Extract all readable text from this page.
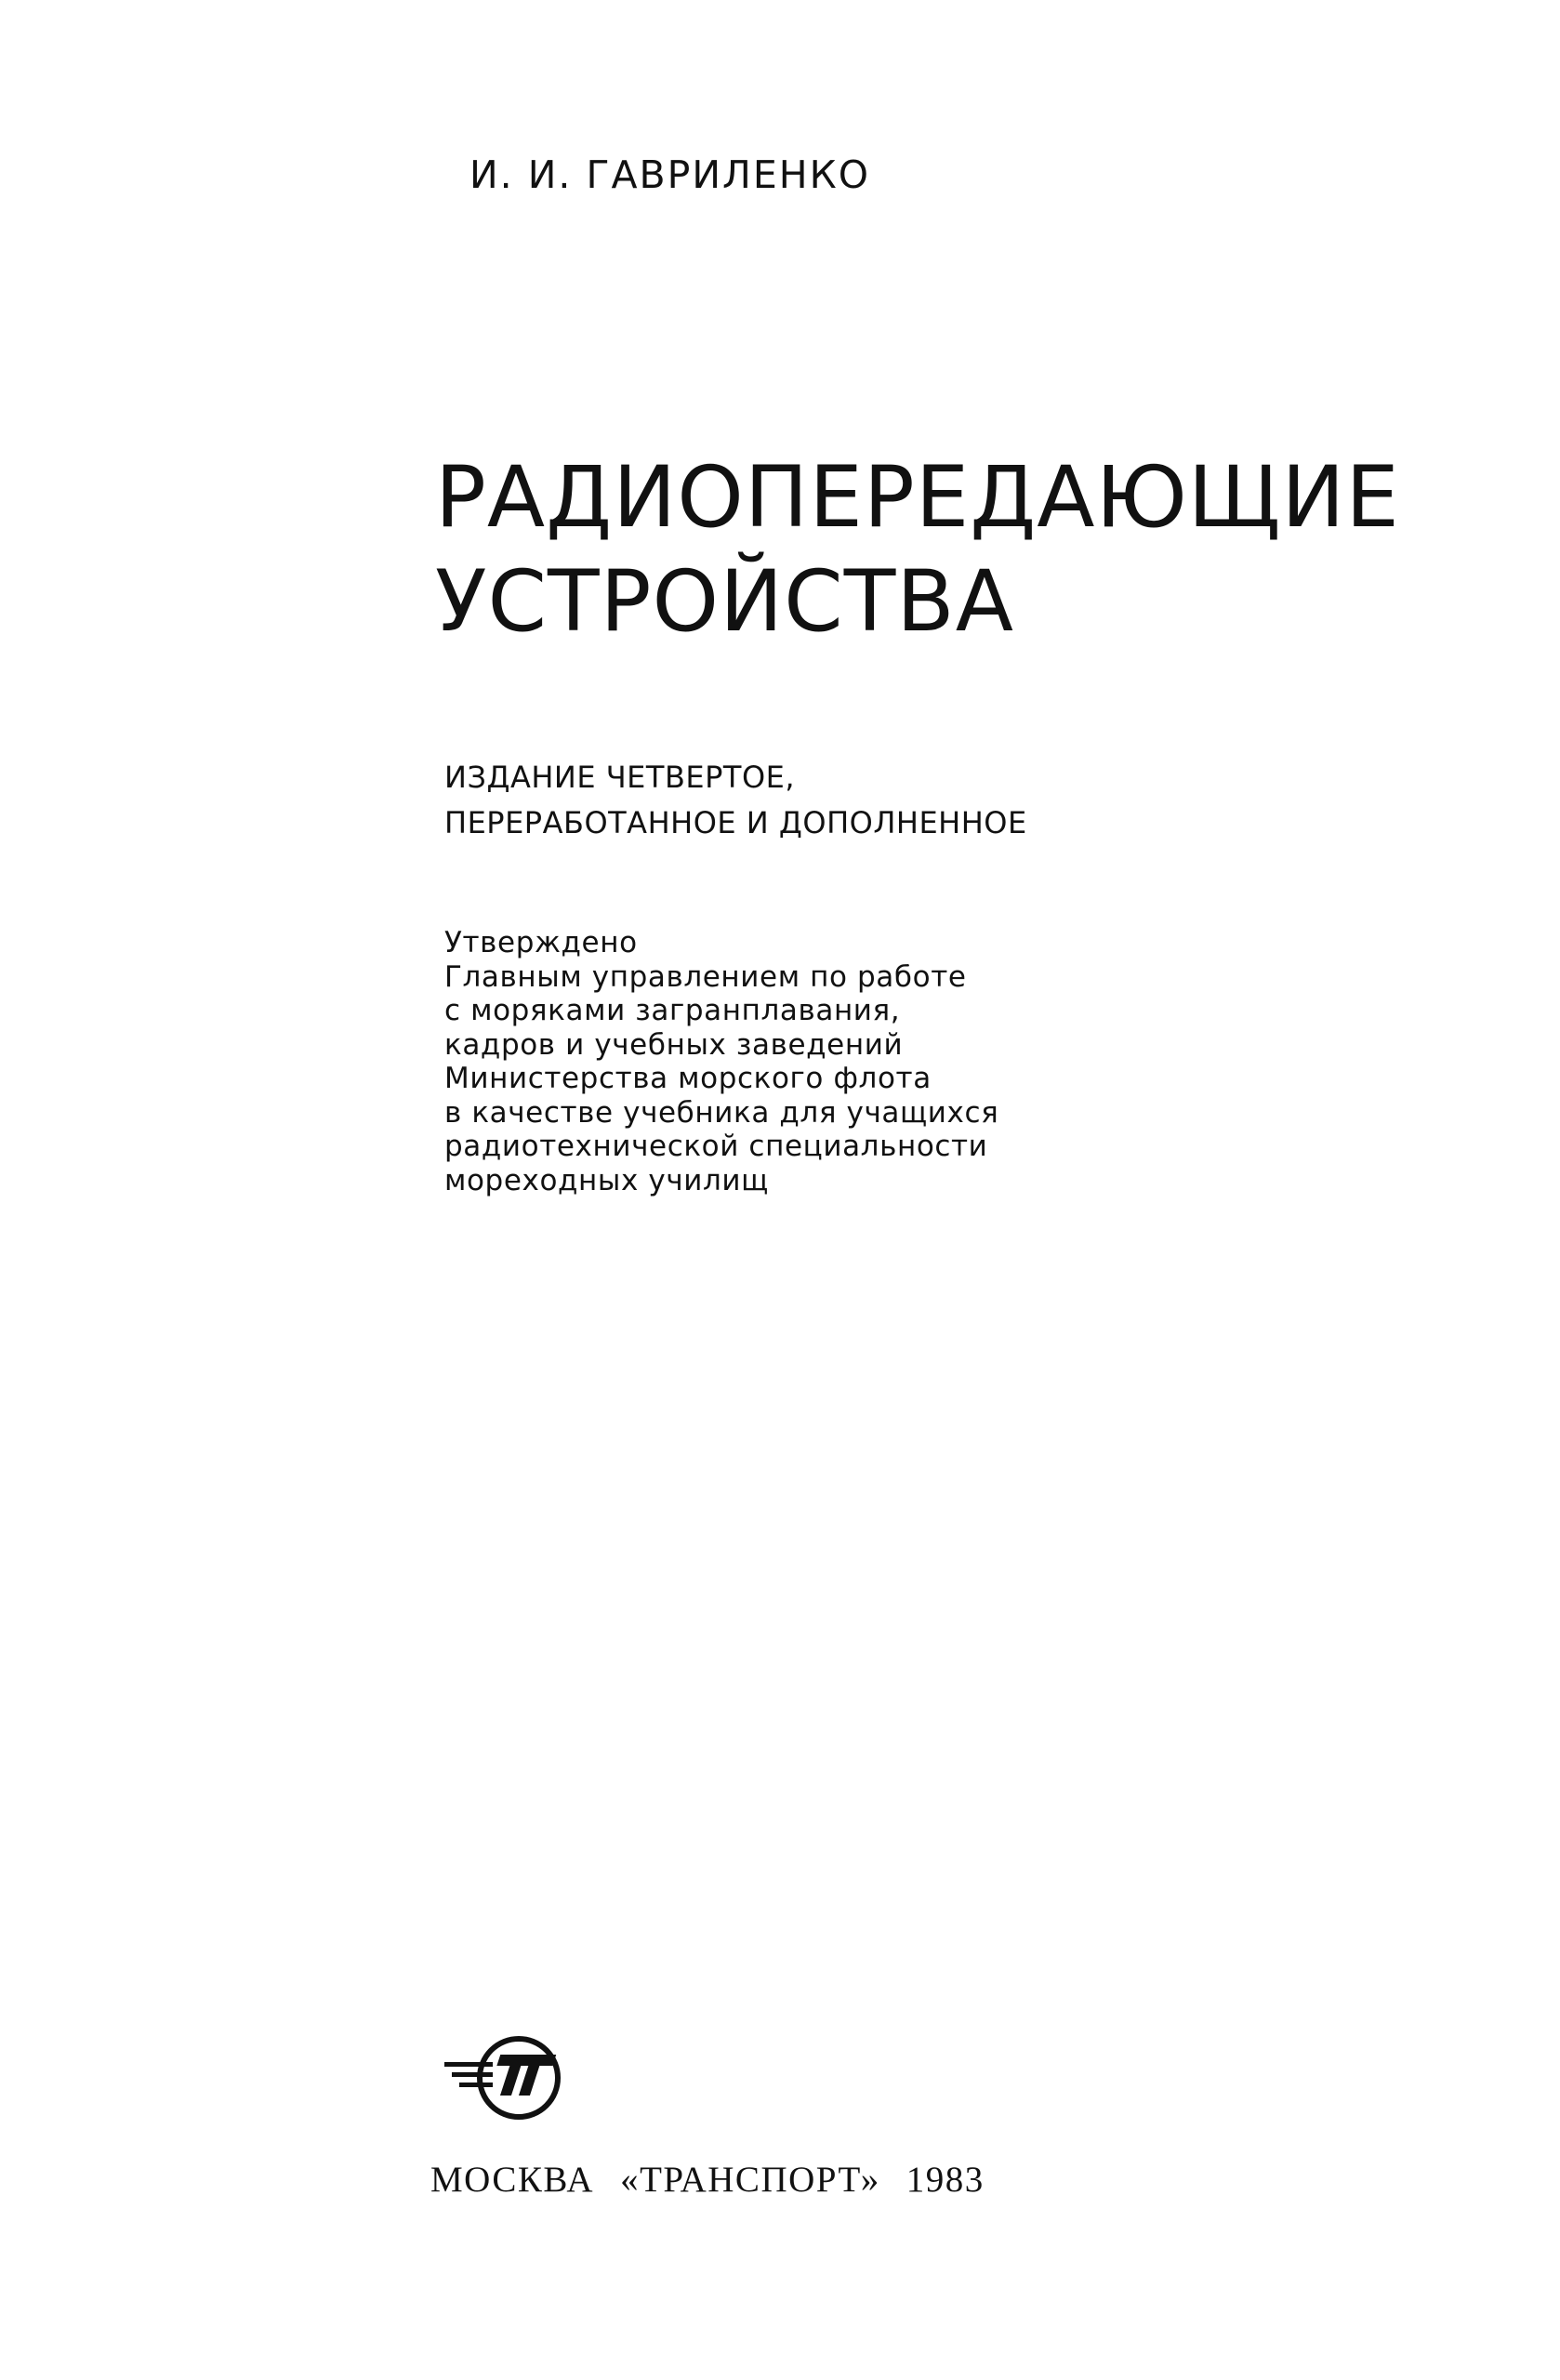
И. И. ГАВРИЛЕНКО
РАДИОПЕРЕДАЮЩИЕ
УСТРОЙСТВА
ИЗДАНИЕ ЧЕТВЕРТОЕ,
ПЕРЕРАБОТАННОЕ И ДОПОЛНЕННОЕ
Утверждено
Главным управлением по работе
с моряками загранплавания,
кадров и учебных заведений
Министерства морского флота
в качестве учебника для учащихся
радиотехнической специальности
мореходных училищ
МОСКВА «ТРАНСПОРТ» 1983
